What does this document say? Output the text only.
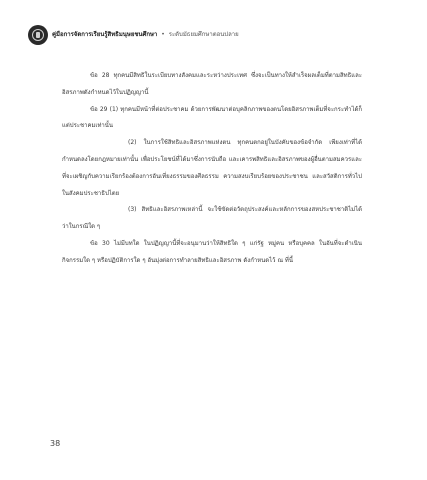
คู่มือการจัดการเรียนรู้สิทธิมนุษยชนศึกษา • ระดับมัธยมศึกษาตอนปลาย

ข้อ 28 ทุกคนมีสิทธิในระเบียบทางสังคมและระหว่างประเทศ ซึ่งจะเป็นทางให้สำเร็จผลเต็มที่ตามสิทธิและอิสรภาพดังกำหนดไว้ในปฏิญญานี้

ข้อ 29 (1) ทุกคนมีหน้าที่ต่อประชาคม ด้วยการพัฒนาต่อบุคลิกภาพของตนโดยอิสรภาพเต็มที่จะกระทำได้ก็แต่ประชาคมเท่านั้น

(2) ในการใช้สิทธิและอิสรภาพแห่งตน ทุกคนตกอยู่ในบังคับของข้อจำกัด เพียงเท่าที่ได้กำหนดลงโดยกฎหมายเท่านั้น เพื่อประโยชน์ที่ได้มาซึ่งการนับถือ และเคารพสิทธิและอิสรภาพของผู้อื่นตามสมควรและที่จะเผชิญกับความเรียกร้องต้องการอันเที่ยงธรรมของศีลธรรม ความสงบเรียบร้อยของประชาชน และสวัสดิการทั่วไปในสังคมประชาธิปไตย

(3) สิทธิและอิสรภาพเหล่านี้ จะใช้ขัดต่อวัตถุประสงค์และหลักการของสหประชาชาติไม่ได้ว่าในกรณีใด ๆ

ข้อ 30 ไม่มีบทใด ในปฏิญญานี้ที่จะอนุมานว่าให้สิทธิใด ๆ แก่รัฐ หมู่คน หรือบุคคล ในอันที่จะดำเนินกิจกรรมใด ๆ หรือปฏิบัติการใด ๆ อันมุ่งต่อการทำลายสิทธิและอิสรภาพ ดังกำหนดไว้ ณ ที่นี้

38
